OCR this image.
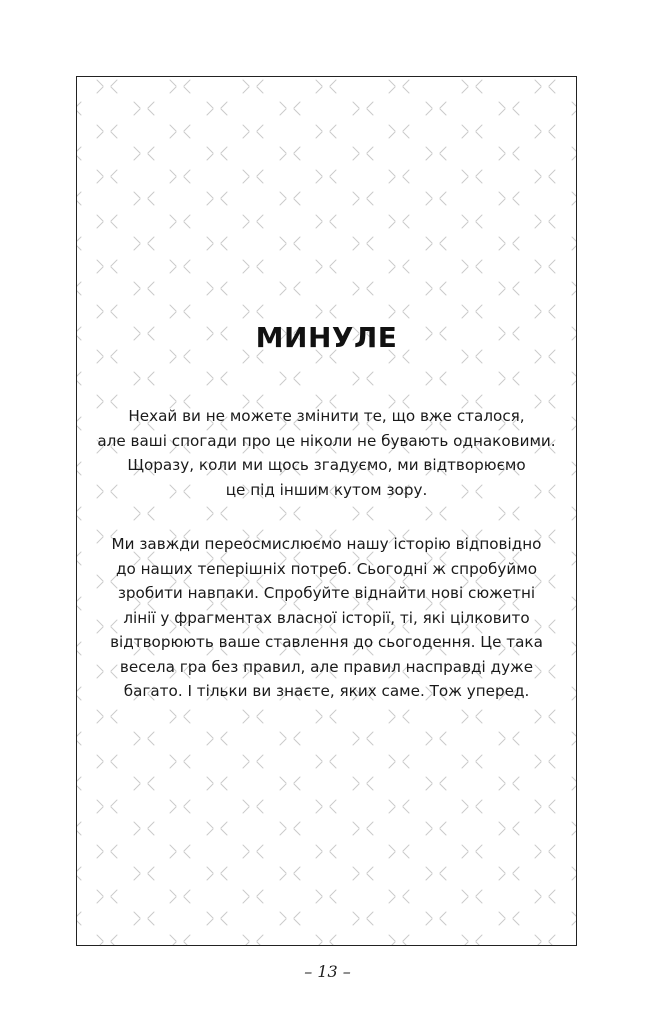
МИНУЛЕ

Нехай ви не можете змінити те, що вже сталося,
але ваші спогади про це ніколи не бувають однаковими.
Щоразу, коли ми щось згадуємо, ми відтворюємо
це під іншим кутом зору.

Ми завжди переосмислюємо нашу історію відповідно
до наших теперішніх потреб. Сьогодні ж спробуймо
зробити навпаки. Спробуйте віднайти нові сюжетні
лінії у фрагментах власної історії, ті, які цілковито
відтворюють ваше ставлення до сьогодення. Це така
весела гра без правил, але правил насправді дуже
багато. І тільки ви знаєте, яких саме. Тож уперед.

– 13 –
